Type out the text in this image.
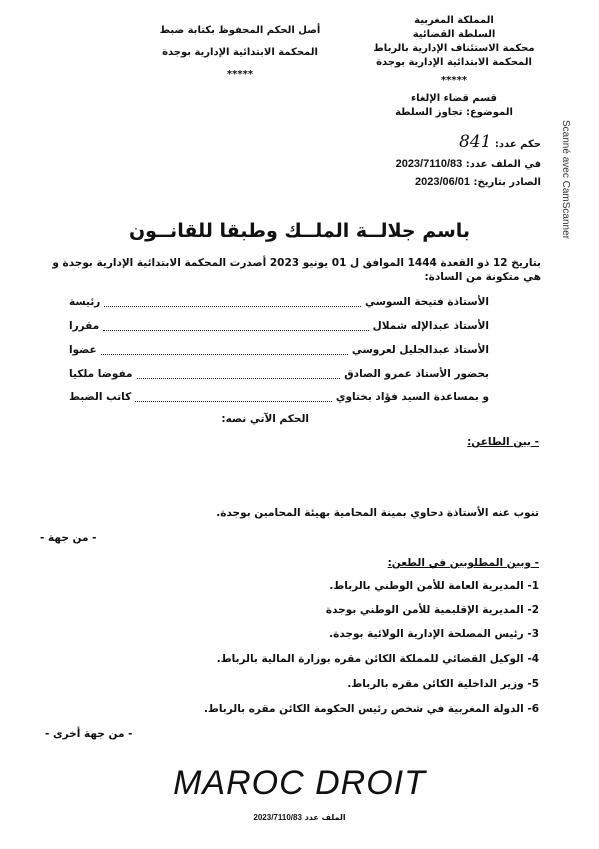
المملكة المغربية
السلطة القضائية
محكمة الاستئناف الإدارية بالرباط
المحكمة الابتدائية الإدارية بوجدة
*****
قسم قضاء الإلغاء
الموضوع: تجاوز السلطة
أصل الحكم المحفوظ بكتابة ضبط
المحكمة الابتدائية الإدارية بوجدة
*****
حكم عدد: 841
في الملف عدد: 2023/7110/83
الصادر بتاريخ: 2023/06/01
باسم جلالــة الملــك وطبقا للقانــون
بتاريخ 12 ذو القعدة 1444 الموافق ل 01 يونيو 2023 أصدرت المحكمة الابتدائية الإدارية بوجدة و هي متكونة من السادة:
الأستاذة فتيحة السوسي
رئيسة
الأستاذ عبدالإله شملال
مقررا
الأستاذ عبدالجليل لعروسي
عضوا
بحضور الأستاذ عمرو الصادق
مفوضا ملكيا
و بمساعدة السيد فؤاد بختاوي
كاتب الضبط
الحكم الآتي نصه:
- بين الطاعن:
تنوب عنه الأستاذة دحاوي بمينة المحامية بهيئة المحامين بوجدة.
- من جهة -
- وبين المطلوبين في الطعن:
1- المديرية العامة للأمن الوطني بالرباط.
2- المديرية الإقليمية للأمن الوطني بوجدة
3- رئيس المصلحة الإدارية الولائية بوجدة.
4- الوكيل القضائي للمملكة الكائن مقره بوزارة المالية بالرباط.
5- وزير الداخلية الكائن مقره بالرباط.
6- الدولة المغربية في شخص رئيس الحكومة الكائن مقره بالرباط.
- من جهة أخرى -
Scanné avec CamScanner
MAROC DROIT
الملف عدد 2023/7110/83
